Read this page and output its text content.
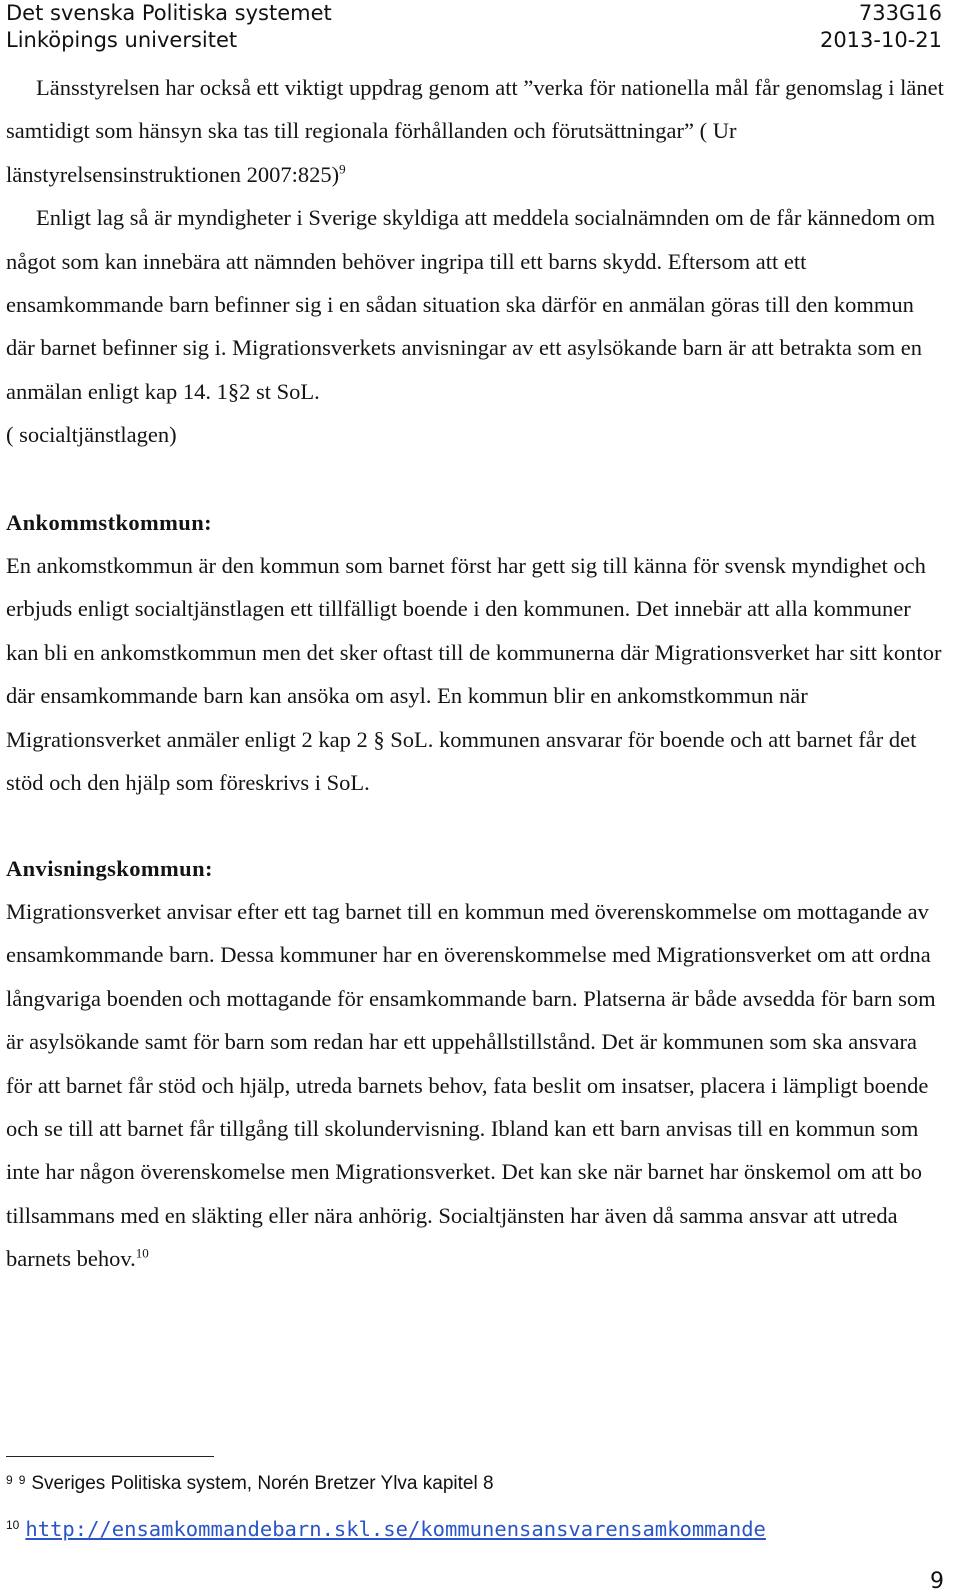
Det svenska Politiska systemet	733G16
Linköpings universitet	2013-10-21

Länsstyrelsen har också ett viktigt uppdrag genom att ”verka för nationella mål får genomslag i länet samtidigt som hänsyn ska tas till regionala förhållanden och förutsättningar” ( Ur länstyrelsensinstruktionen 2007:825)$^9$

Enligt lag så är myndigheter i Sverige skyldiga att meddela socialnämnden om de får kännedom om något som kan innebära att nämnden behöver ingripa till ett barns skydd. Eftersom att ett ensamkommande barn befinner sig i en sådan situation ska därför en anmälan göras till den kommun där barnet befinner sig i. Migrationsverkets anvisningar av ett asylsökande barn är att betrakta som en anmälan enligt kap 14. 1§2 st SoL.

( socialtjänstlagen)

Ankommstkommun:

En ankomstkommun är den kommun som barnet först har gett sig till känna för svensk myndighet och erbjuds enligt socialtjänstlagen ett tillfälligt boende i den kommunen. Det innebär att alla kommuner kan bli en ankomstkommun men det sker oftast till de kommunerna där Migrationsverket har sitt kontor där ensamkommande barn kan ansöka om asyl. En kommun blir en ankomstkommun när Migrationsverket anmäler enligt 2 kap 2 § SoL. kommunen ansvarar för boende och att barnet får det stöd och den hjälp som föreskrivs i SoL.

Anvisningskommun:

Migrationsverket anvisar efter ett tag barnet till en kommun med överenskommelse om mottagande av ensamkommande barn. Dessa kommuner har en överenskommelse med Migrationsverket om att ordna långvariga boenden och mottagande för ensamkommande barn. Platserna är både avsedda för barn som är asylsökande samt för barn som redan har ett uppehållstillstånd. Det är kommunen som ska ansvara för att barnet får stöd och hjälp, utreda barnets behov, fata beslit om insatser, placera i lämpligt boende och se till att barnet får tillgång till skolundervisning. Ibland kan ett barn anvisas till en kommun som inte har någon överenskomelse men Migrationsverket. Det kan ske när barnet har önskemol om att bo tillsammans med en släkting eller nära anhörig. Socialtjänsten har även då samma ansvar att utreda barnets behov.$^{10}$

9 9 Sveriges Politiska system, Norén Bretzer Ylva kapitel 8
10 http://ensamkommandebarn.skl.se/kommunensansvarensamkommande
9
